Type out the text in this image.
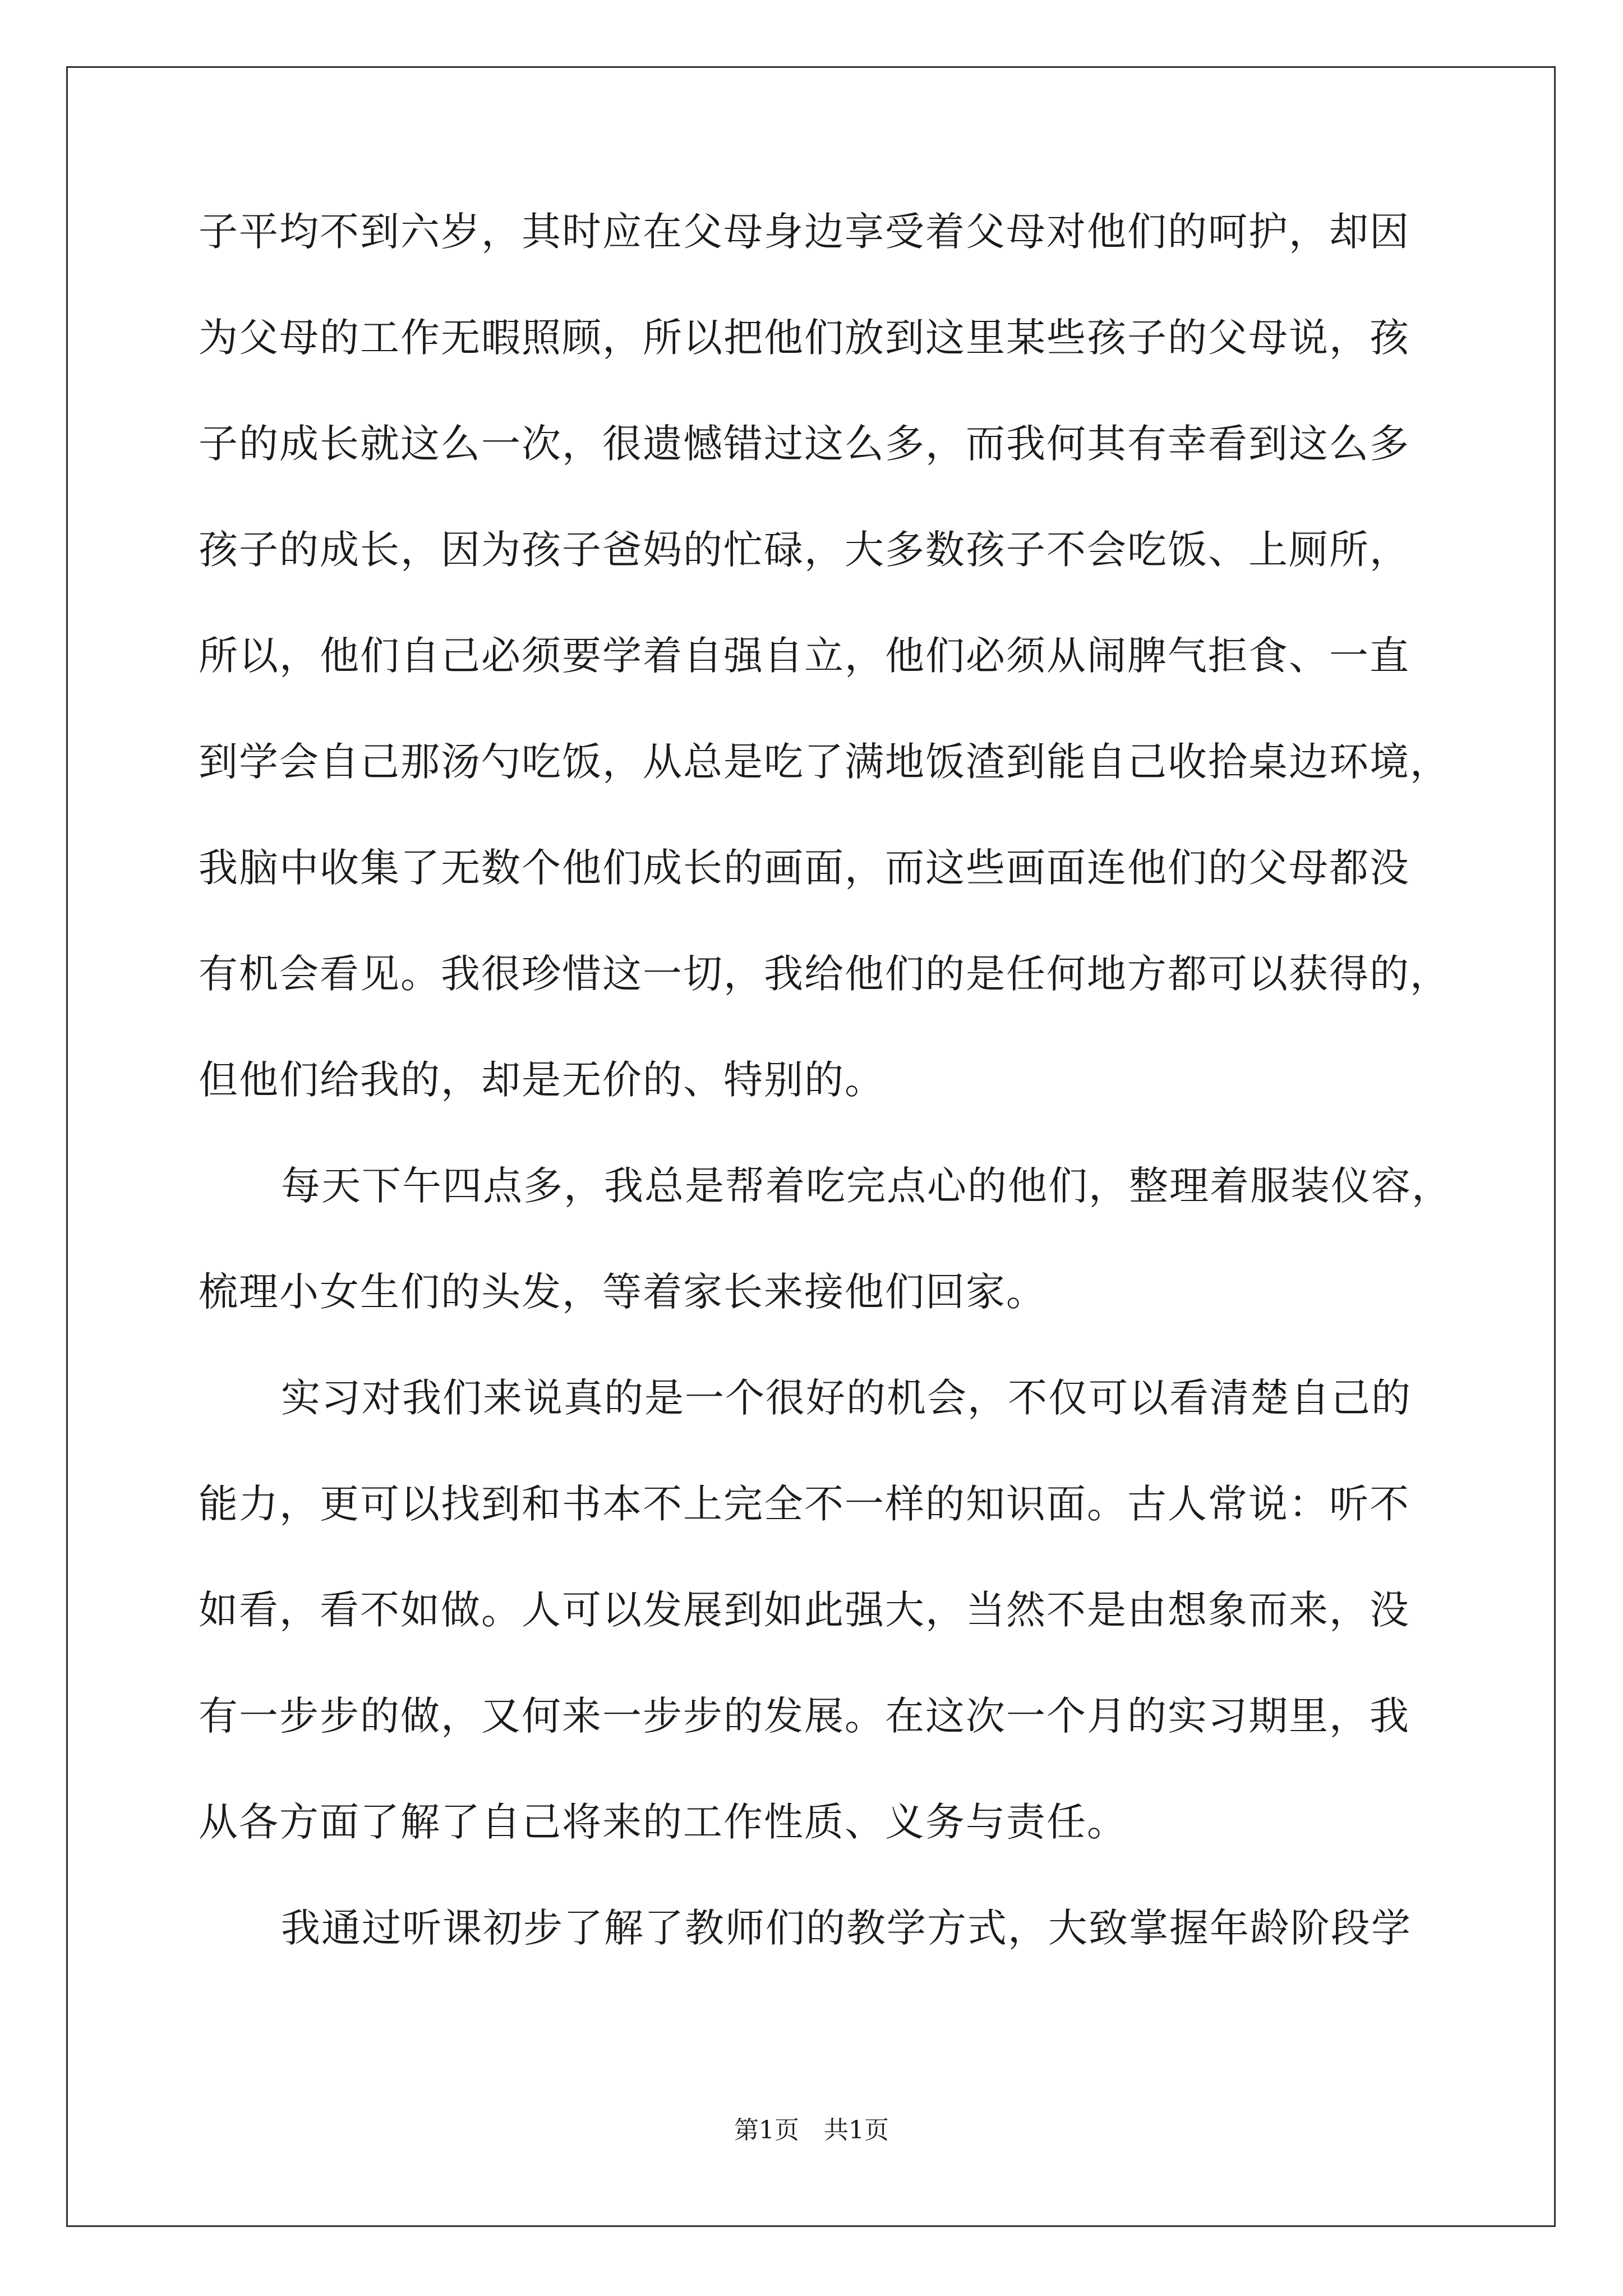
子平均不到六岁，其时应在父母身边享受着父母对他们的呵护，却因
为父母的工作无暇照顾，所以把他们放到这里某些孩子的父母说，孩
子的成长就这么一次，很遗憾错过这么多，而我何其有幸看到这么多
孩子的成长，因为孩子爸妈的忙碌，大多数孩子不会吃饭、上厕所，
所以，他们自己必须要学着自强自立，他们必须从闹脾气拒食、一直
到学会自己那汤勺吃饭，从总是吃了满地饭渣到能自己收拾桌边环境，
我脑中收集了无数个他们成长的画面，而这些画面连他们的父母都没
有机会看见。我很珍惜这一切，我给他们的是任何地方都可以获得的，
但他们给我的，却是无价的、特别的。
每天下午四点多，我总是帮着吃完点心的他们，整理着服装仪容，
梳理小女生们的头发，等着家长来接他们回家。
实习对我们来说真的是一个很好的机会，不仅可以看清楚自己的
能力，更可以找到和书本不上完全不一样的知识面。古人常说：听不
如看，看不如做。人可以发展到如此强大，当然不是由想象而来，没
有一步步的做，又何来一步步的发展。在这次一个月的实习期里，我
从各方面了解了自己将来的工作性质、义务与责任。
我通过听课初步了解了教师们的教学方式，大致掌握年龄阶段学
第1页　共1页
